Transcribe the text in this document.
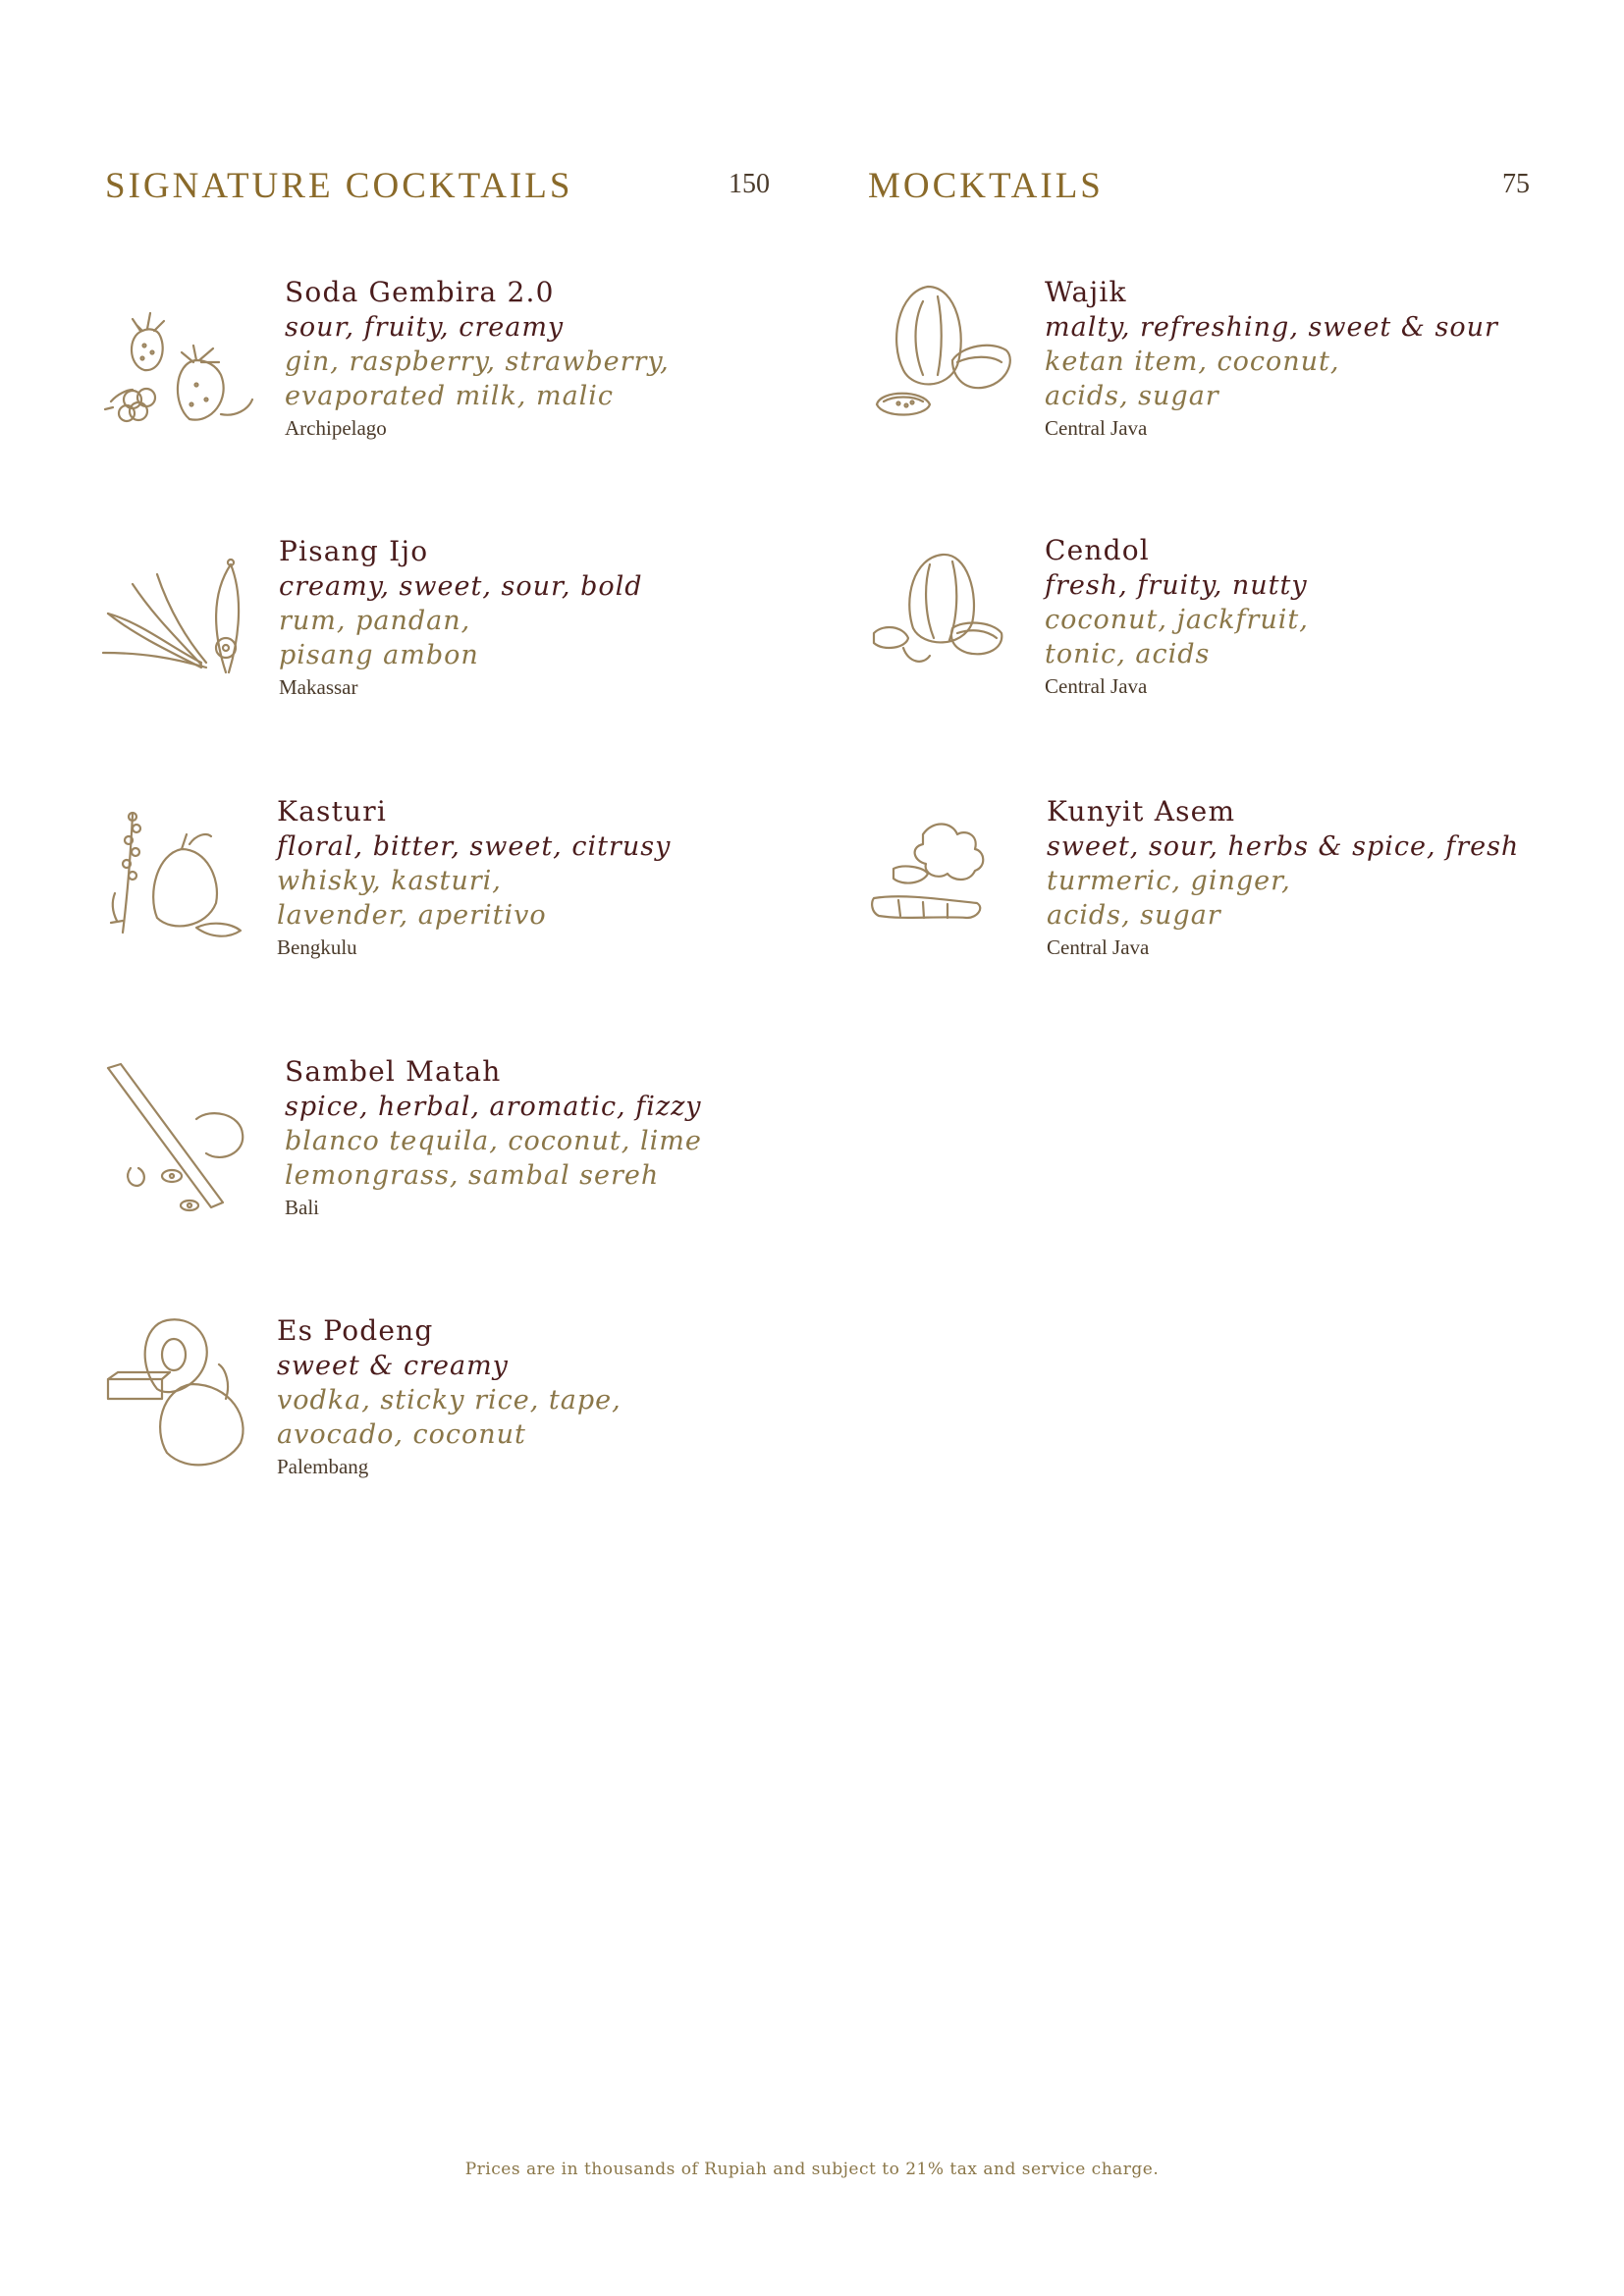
SIGNATURE COCKTAILS	150	MOCKTAILS	75
Soda Gembira 2.0
sour, fruity, creamy
gin, raspberry, strawberry,
evaporated milk, malic
Archipelago
Pisang Ijo
creamy, sweet, sour, bold
rum, pandan,
pisang ambon
Makassar
Kasturi
floral, bitter, sweet, citrusy
whisky, kasturi,
lavender, aperitivo
Bengkulu
Sambel Matah
spice, herbal, aromatic, fizzy
blanco tequila, coconut, lime
lemongrass, sambal sereh
Bali
Es Podeng
sweet & creamy
vodka, sticky rice, tape,
avocado, coconut
Palembang
Wajik
malty, refreshing, sweet & sour
ketan item, coconut,
acids, sugar
Central Java
Cendol
fresh, fruity, nutty
coconut, jackfruit,
tonic, acids
Central Java
Kunyit Asem
sweet, sour, herbs & spice, fresh
turmeric, ginger,
acids, sugar
Central Java
Prices are in thousands of Rupiah and subject to 21% tax and service charge.
